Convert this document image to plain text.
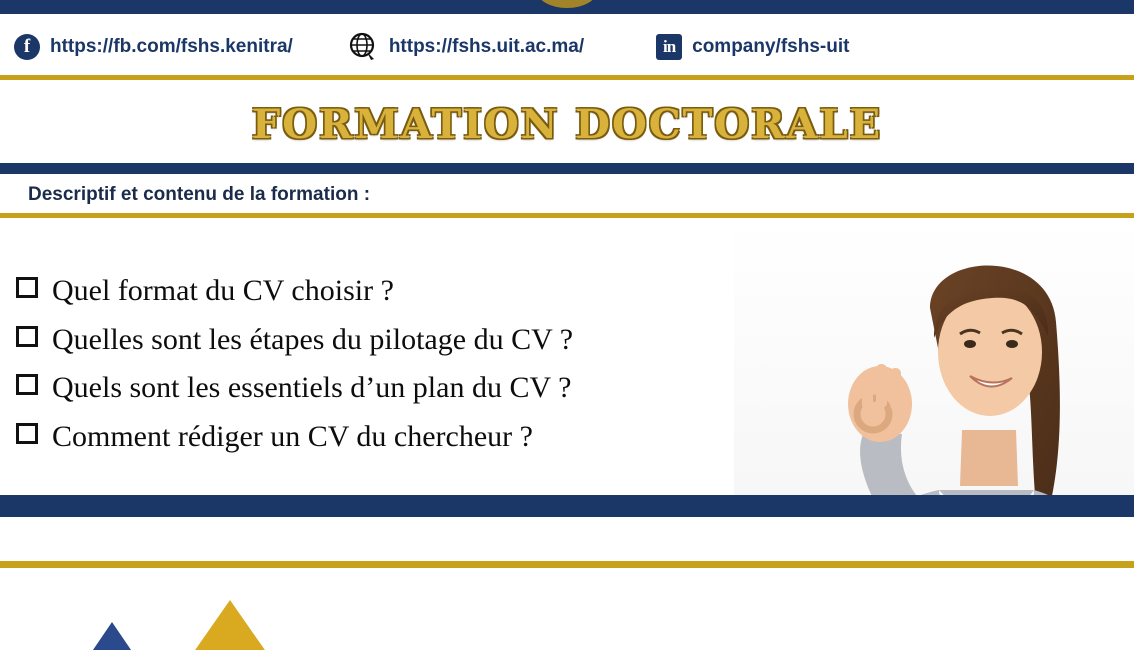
f	https://fb.com/fshs.kenitra/	https://fshs.uit.ac.ma/	in company/fshs-uit
FORMATION DOCTORALE
Descriptif et contenu de la formation :
Quel format du CV choisir ?
Quelles sont les étapes du pilotage du CV ?
Quels sont les essentiels d’un plan du CV ?
Comment rédiger un CV du chercheur ?
